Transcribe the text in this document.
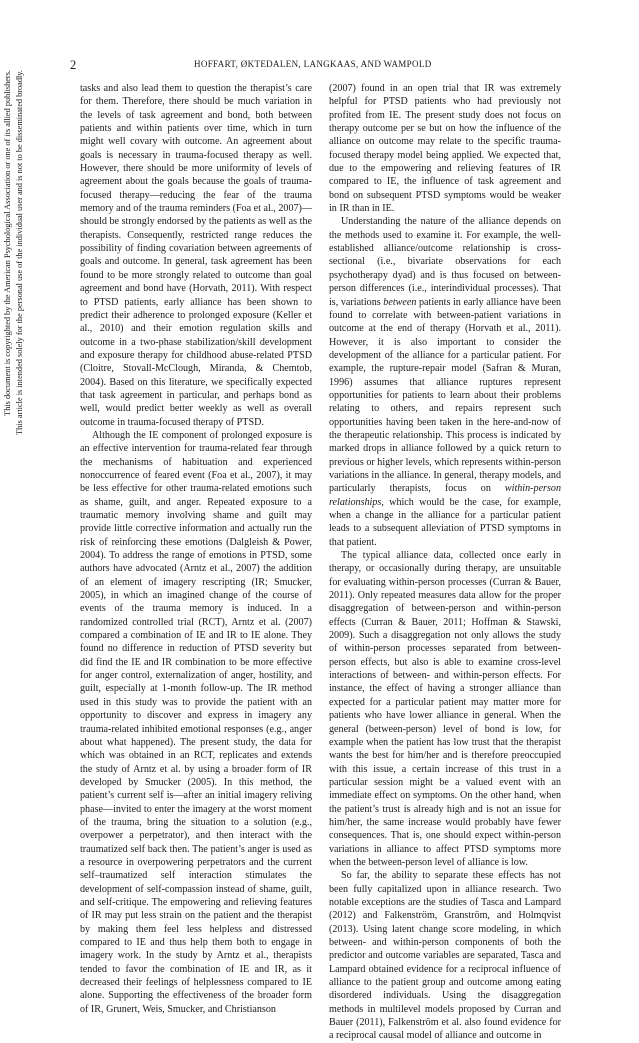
2	HOFFART, ØKTEDALEN, LANGKAAS, AND WAMPOLD
This document is copyrighted by the American Psychological Association or one of its allied publishers. This article is intended solely for the personal use of the individual user and is not to be disseminated broadly.	tasks and also lead them to question the therapist’s care for them. Therefore, there should be much variation in the levels of task agreement and bond, both between patients and within patients over time, which in turn might well covary with outcome. An agreement about goals is necessary in trauma-focused therapy as well. However, there should be more uniformity of levels of agreement about the goals because the goals of trauma-focused therapy—reducing the fear of the trauma memory and of the trauma reminders (Foa et al., 2007)—should be strongly endorsed by the patients as well as the therapists. Consequently, restricted range reduces the possibility of finding covariation between agreements of goals and outcome. In general, task agreement has been found to be more strongly related to outcome than goal agreement and bond have (Horvath, 2011). With respect to PTSD patients, early alliance has been shown to predict their adherence to prolonged exposure (Keller et al., 2010) and their emotion regulation skills and outcome in a two-phase stabilization/skill development and exposure therapy for childhood abuse-related PTSD (Cloitre, Stovall-McClough, Miranda, & Chemtob, 2004). Based on this literature, we specifically expected that task agreement in particular, and perhaps bond as well, would predict better weekly as well as overall outcome in trauma-focused therapy of PTSD.

Although the IE component of prolonged exposure is an effective intervention for trauma-related fear through the mechanisms of habituation and experienced nonoccurrence of feared event (Foa et al., 2007), it may be less effective for other trauma-related emotions such as shame, guilt, and anger. Repeated exposure to a traumatic memory involving shame and guilt may provide little corrective information and actually run the risk of reinforcing these emotions (Dalgleish & Power, 2004). To address the range of emotions in PTSD, some authors have advocated (Arntz et al., 2007) the addition of an element of imagery rescripting (IR; Smucker, 2005), in which an imagined change of the course of events of the trauma memory is induced. In a randomized controlled trial (RCT), Arntz et al. (2007) compared a combination of IE and IR to IE alone. They found no difference in reduction of PTSD severity but did find the IE and IR combination to be more effective for anger control, externalization of anger, hostility, and guilt, especially at 1-month follow-up. The IR method used in this study was to provide the patient with an opportunity to discover and express in imagery any trauma-related inhibited emotional responses (e.g., anger about what happened). The present study, the data for which was obtained in an RCT, replicates and extends the study of Arntz et al. by using a broader form of IR developed by Smucker (2005). In this method, the patient’s current self is—after an initial imagery reliving phase—invited to enter the imagery at the worst moment of the trauma, bring the situation to a solution (e.g., overpower a perpetrator), and then interact with the traumatized self back then. The patient’s anger is used as a resource in overpowering perpetrators and the current self–traumatized self interaction stimulates the development of self-compassion instead of shame, guilt, and self-critique. The empowering and relieving features of IR may put less strain on the patient and the therapist by making them feel less helpless and distressed compared to IE and thus help them both to engage in imagery work. In the study by Arntz et al., therapists tended to favor the combination of IE and IR, as it decreased their feelings of helplessness compared to IE alone. Supporting the effectiveness of the broader form of IR, Grunert, Weis, Smucker, and Christianson

(2007) found in an open trial that IR was extremely helpful for PTSD patients who had previously not profited from IE. The present study does not focus on therapy outcome per se but on how the influence of the alliance on outcome may relate to the specific trauma-focused therapy model being applied. We expected that, due to the empowering and relieving features of IR compared to IE, the influence of task agreement and bond on subsequent PTSD symptoms would be weaker in IR than in IE.

Understanding the nature of the alliance depends on the methods used to examine it. For example, the well-established alliance/outcome relationship is cross-sectional (i.e., bivariate observations for each psychotherapy dyad) and is thus focused on between-person differences (i.e., interindividual processes). That is, variations between patients in early alliance have been found to correlate with between-patient variations in outcome at the end of therapy (Horvath et al., 2011). However, it is also important to consider the development of the alliance for a particular patient. For example, the rupture-repair model (Safran & Muran, 1996) assumes that alliance ruptures represent opportunities for patients to learn about their problems relating to others, and repairs represent such opportunities having been taken in the here-and-now of the therapeutic relationship. This process is indicated by marked drops in alliance followed by a quick return to previous or higher levels, which represents within-person variations in the alliance. In general, therapy models, and particularly therapists, focus on within-person relationships, which would be the case, for example, when a change in the alliance for a particular patient leads to a subsequent alleviation of PTSD symptoms in that patient.

The typical alliance data, collected once early in therapy, or occasionally during therapy, are unsuitable for evaluating within-person processes (Curran & Bauer, 2011). Only repeated measures data allow for the proper disaggregation of between-person and within-person effects (Curran & Bauer, 2011; Hoffman & Stawski, 2009). Such a disaggregation not only allows the study of within-person processes separated from between-person effects, but also is able to examine cross-level interactions of between- and within-person effects. For instance, the effect of having a stronger alliance than expected for a particular patient may matter more for patients who have lower alliance in general. When the general (between-person) level of bond is low, for example when the patient has low trust that the therapist wants the best for him/her and is therefore preoccupied with this issue, a certain increase of this trust in a particular session might be a valued event with an immediate effect on symptoms. On the other hand, when the patient’s trust is already high and is not an issue for him/her, the same increase would probably have fewer consequences. That is, one should expect within-person variations in alliance to affect PTSD symptoms more when the between-person level of alliance is low.

So far, the ability to separate these effects has not been fully capitalized upon in alliance research. Two notable exceptions are the studies of Tasca and Lampard (2012) and Falkenström, Granström, and Holmqvist (2013). Using latent change score modeling, in which between- and within-person components of both the predictor and outcome variables are separated, Tasca and Lampard obtained evidence for a reciprocal influence of alliance to the patient group and outcome among eating disordered individuals. Using the disaggregation methods in multilevel models proposed by Curran and Bauer (2011), Falkenström et al. also found evidence for a reciprocal causal model of alliance and outcome in
